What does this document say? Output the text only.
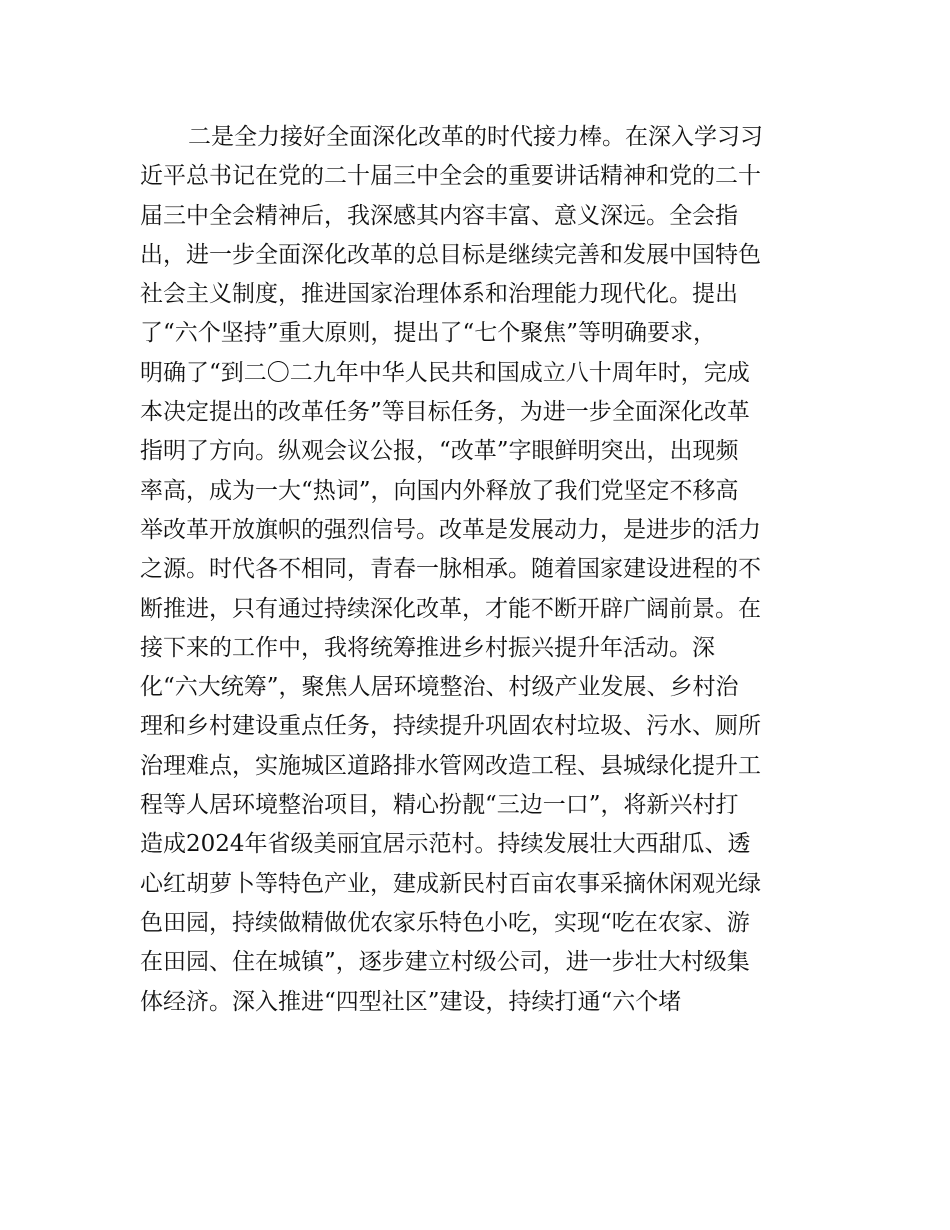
二是全力接好全面深化改革的时代接力棒。在深入学习习
近平总书记在党的二十届三中全会的重要讲话精神和党的二十
届三中全会精神后，我深感其内容丰富、意义深远。全会指
出，进一步全面深化改革的总目标是继续完善和发展中国特色
社会主义制度，推进国家治理体系和治理能力现代化。提出
了“六个坚持”重大原则，提出了“七个聚焦”等明确要求，
明确了“到二〇二九年中华人民共和国成立八十周年时，完成
本决定提出的改革任务”等目标任务，为进一步全面深化改革
指明了方向。纵观会议公报，“改革”字眼鲜明突出，出现频
率高，成为一大“热词”，向国内外释放了我们党坚定不移高
举改革开放旗帜的强烈信号。改革是发展动力，是进步的活力
之源。时代各不相同，青春一脉相承。随着国家建设进程的不
断推进，只有通过持续深化改革，才能不断开辟广阔前景。在
接下来的工作中，我将统筹推进乡村振兴提升年活动。深
化“六大统筹”，聚焦人居环境整治、村级产业发展、乡村治
理和乡村建设重点任务，持续提升巩固农村垃圾、污水、厕所
治理难点，实施城区道路排水管网改造工程、县城绿化提升工
程等人居环境整治项目，精心扮靓“三边一口”，将新兴村打
造成2024年省级美丽宜居示范村。持续发展壮大西甜瓜、透
心红胡萝卜等特色产业，建成新民村百亩农事采摘休闲观光绿
色田园，持续做精做优农家乐特色小吃，实现“吃在农家、游
在田园、住在城镇”，逐步建立村级公司，进一步壮大村级集
体经济。深入推进“四型社区”建设，持续打通“六个堵
